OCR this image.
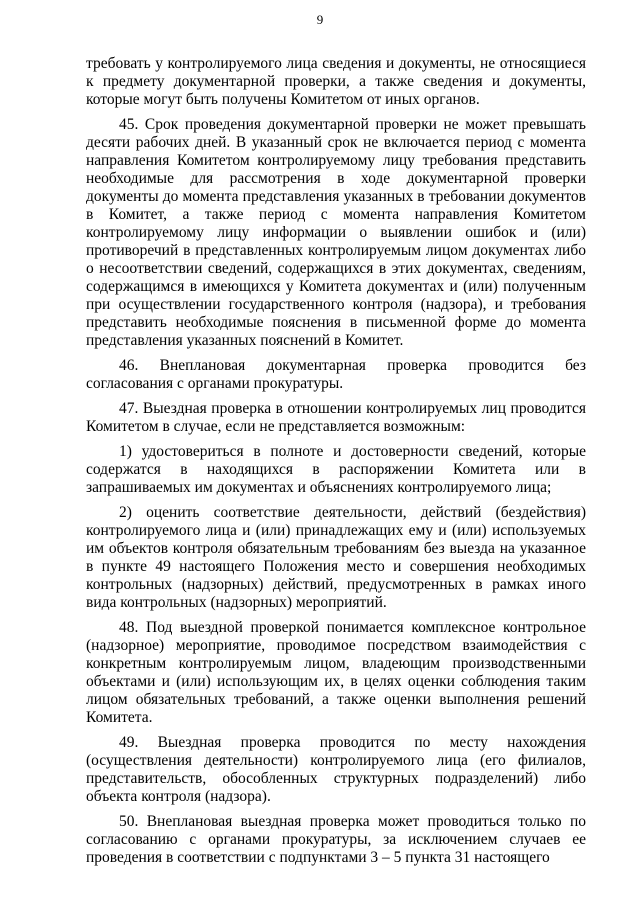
9

требовать у контролируемого лица сведения и документы, не относящиеся к предмету документарной проверки, а также сведения и документы, которые могут быть получены Комитетом от иных органов.

45. Срок проведения документарной проверки не может превышать десяти рабочих дней. В указанный срок не включается период с момента направления Комитетом контролируемому лицу требования представить необходимые для рассмотрения в ходе документарной проверки документы до момента представления указанных в требовании документов в Комитет, а также период с момента направления Комитетом контролируемому лицу информации о выявлении ошибок и (или) противоречий в представленных контролируемым лицом документах либо о несоответствии сведений, содержащихся в этих документах, сведениям, содержащимся в имеющихся у Комитета документах и (или) полученным при осуществлении государственного контроля (надзора), и требования представить необходимые пояснения в письменной форме до момента представления указанных пояснений в Комитет.

46. Внеплановая документарная проверка проводится без согласования с органами прокуратуры.

47. Выездная проверка в отношении контролируемых лиц проводится Комитетом в случае, если не представляется возможным:

1) удостовериться в полноте и достоверности сведений, которые содержатся в находящихся в распоряжении Комитета или в запрашиваемых им документах и объяснениях контролируемого лица;

2) оценить соответствие деятельности, действий (бездействия) контролируемого лица и (или) принадлежащих ему и (или) используемых им объектов контроля обязательным требованиям без выезда на указанное в пункте 49 настоящего Положения место и совершения необходимых контрольных (надзорных) действий, предусмотренных в рамках иного вида контрольных (надзорных) мероприятий.

48. Под выездной проверкой понимается комплексное контрольное (надзорное) мероприятие, проводимое посредством взаимодействия с конкретным контролируемым лицом, владеющим производственными объектами и (или) использующим их, в целях оценки соблюдения таким лицом обязательных требований, а также оценки выполнения решений Комитета.

49. Выездная проверка проводится по месту нахождения (осуществления деятельности) контролируемого лица (его филиалов, представительств, обособленных структурных подразделений) либо объекта контроля (надзора).

50. Внеплановая выездная проверка может проводиться только по согласованию с органами прокуратуры, за исключением случаев ее проведения в соответствии с подпунктами 3 – 5 пункта 31 настоящего
